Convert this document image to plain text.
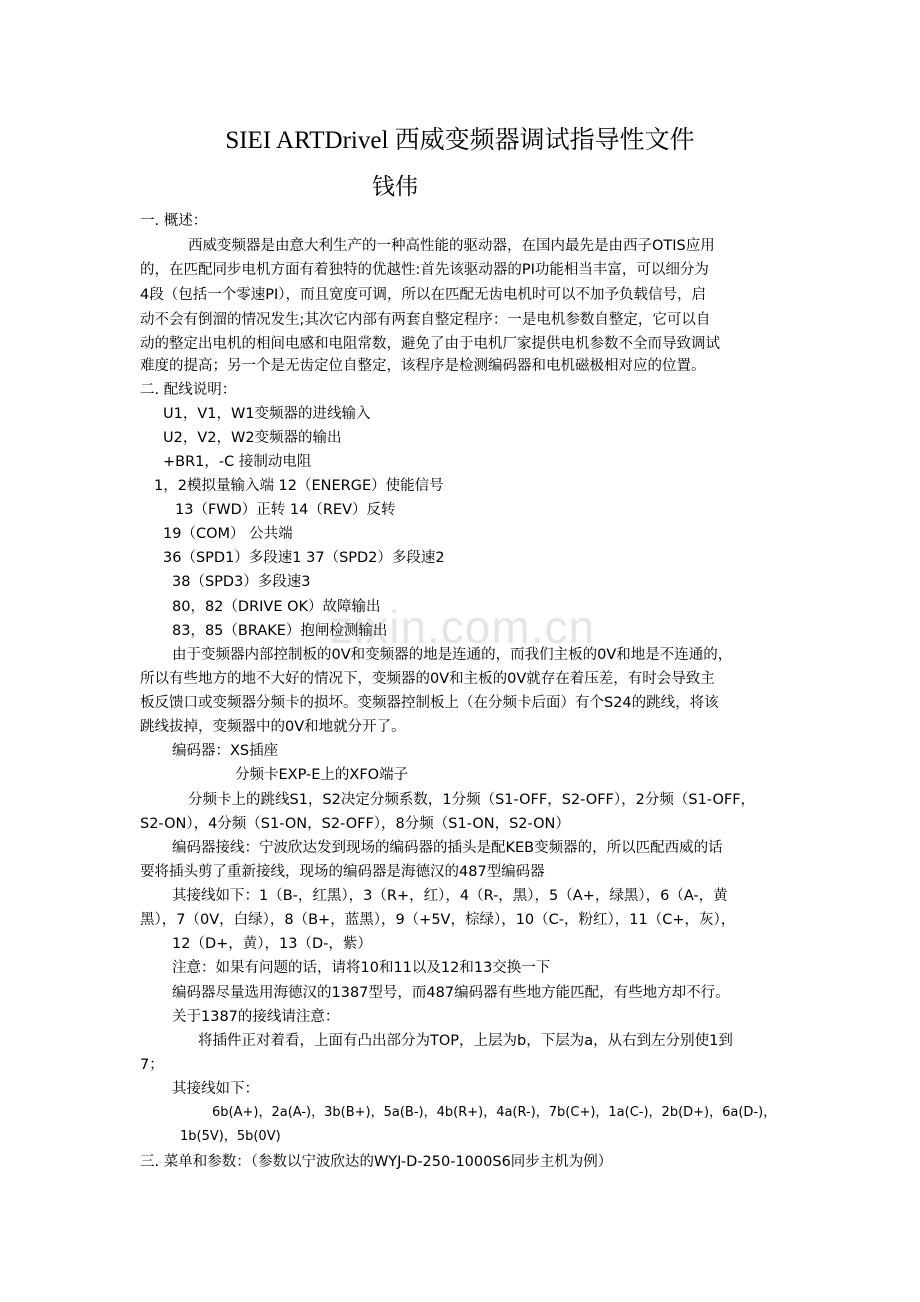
SIEI ARTDrivel 西威变频器调试指导性文件
钱伟
zixin.com.cn
一. 概述：
西威变频器是由意大利生产的一种高性能的驱动器，在国内最先是由西子OTIS应用
的，在匹配同步电机方面有着独特的优越性:首先该驱动器的PI功能相当丰富，可以细分为
4段（包括一个零速PI），而且宽度可调，所以在匹配无齿电机时可以不加予负载信号，启
动不会有倒溜的情况发生;其次它内部有两套自整定程序：一是电机参数自整定，它可以自
动的整定出电机的相间电感和电阻常数，避免了由于电机厂家提供电机参数不全而导致调试
难度的提高；另一个是无齿定位自整定，该程序是检测编码器和电机磁极相对应的位置。
二. 配线说明：
U1，V1，W1变频器的进线输入
U2，V2，W2变频器的输出
+BR1，-C 接制动电阻
1，2模拟量输入端 12（ENERGE）使能信号
13（FWD）正转 14（REV）反转
19（COM） 公共端
36（SPD1）多段速1 37（SPD2）多段速2
38（SPD3）多段速3
80，82（DRIVE OK）故障输出
83，85（BRAKE）抱闸检测输出
由于变频器内部控制板的0V和变频器的地是连通的，而我们主板的0V和地是不连通的，
所以有些地方的地不大好的情况下，变频器的0V和主板的0V就存在着压差，有时会导致主
板反馈口或变频器分频卡的损坏。变频器控制板上（在分频卡后面）有个S24的跳线，将该
跳线拔掉，变频器中的0V和地就分开了。
编码器：XS插座
分频卡EXP-E上的XFO端子
分频卡上的跳线S1，S2决定分频系数，1分频（S1-OFF，S2-OFF），2分频（S1-OFF，
S2-ON），4分频（S1-ON，S2-OFF），8分频（S1-ON，S2-ON）
编码器接线：宁波欣达发到现场的编码器的插头是配KEB变频器的，所以匹配西威的话
要将插头剪了重新接线，现场的编码器是海德汉的487型编码器
其接线如下：1（B-，红黑），3（R+，红），4（R-，黑），5（A+，绿黑），6（A-，黄
黑），7（0V，白绿），8（B+，蓝黑），9（+5V，棕绿），10（C-，粉红），11（C+，灰），
12（D+，黄），13（D-，紫）
注意：如果有问题的话，请将10和11以及12和13交换一下
编码器尽量选用海德汉的1387型号，而487编码器有些地方能匹配，有些地方却不行。
关于1387的接线请注意：
将插件正对着看，上面有凸出部分为TOP，上层为b，下层为a，从右到左分别使1到
7；
其接线如下：
6b(A+)，2a(A-)，3b(B+)，5a(B-)，4b(R+)，4a(R-)，7b(C+)，1a(C-)，2b(D+)，6a(D-)，
1b(5V)，5b(0V)
三. 菜单和参数：（参数以宁波欣达的WYJ-D-250-1000S6同步主机为例）
